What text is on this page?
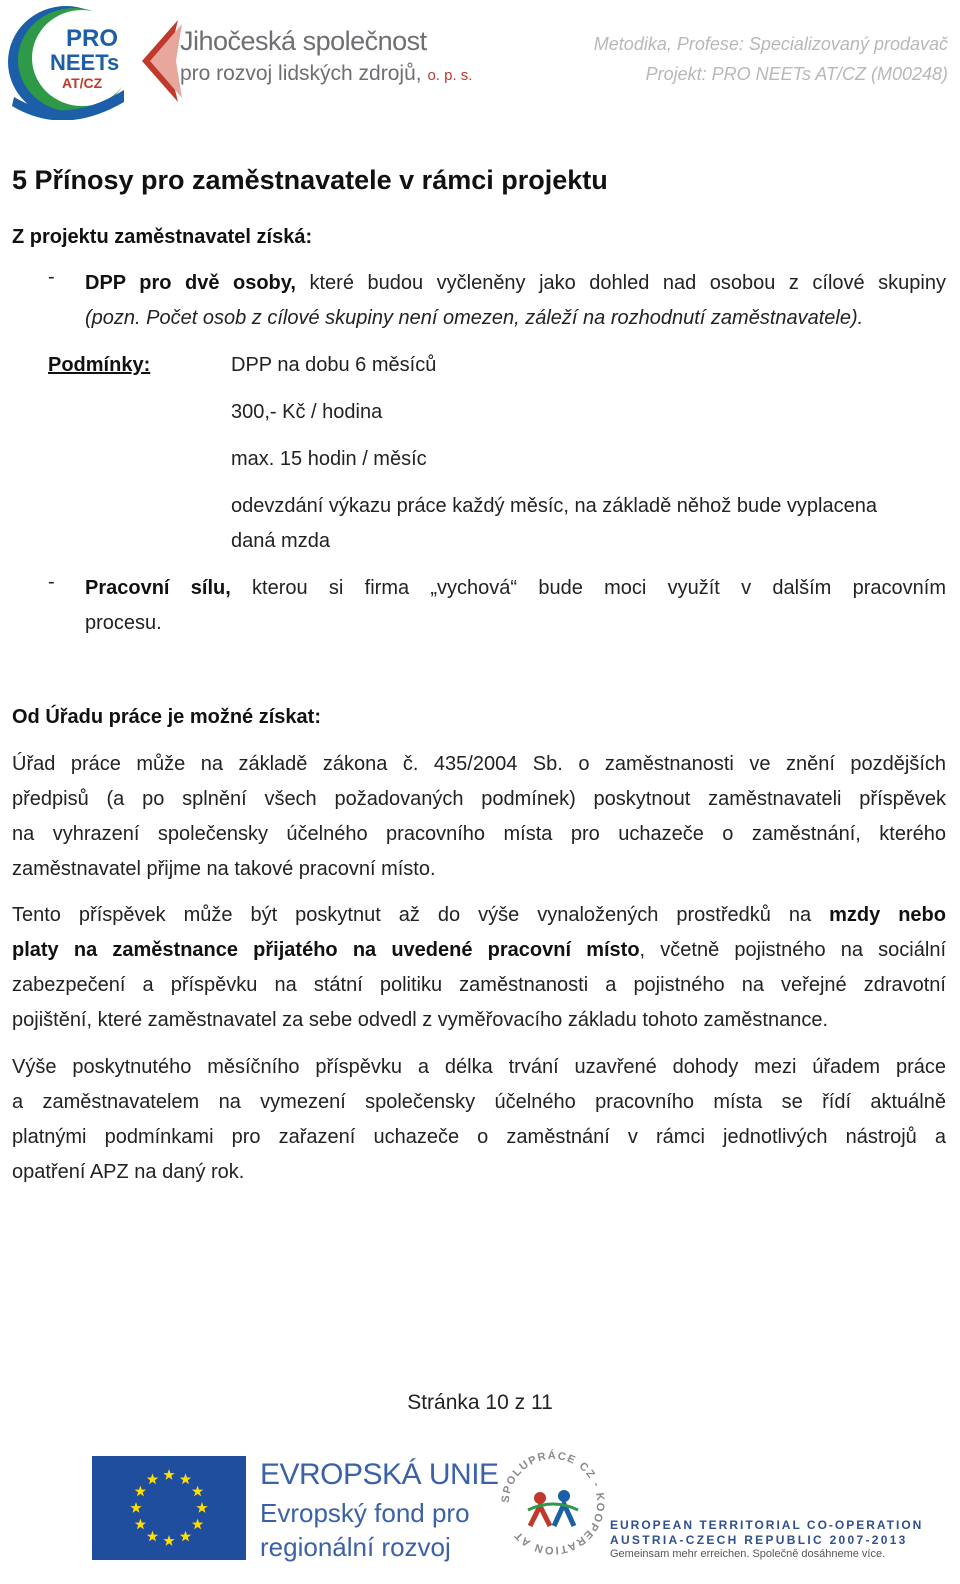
PRO
NEETs
AT/CZ
Jihočeská společnost
pro rozvoj lidských zdrojů, o. p. s.
Metodika, Profese: Specializovaný prodavač
Projekt: PRO NEETs AT/CZ (M00248)
5 Přínosy pro zaměstnavatele v rámci projektu
Z projektu zaměstnavatel získá:
- DPP pro dvě osoby, které budou vyčleněny jako dohled nad osobou z cílové skupiny
(pozn. Počet osob z cílové skupiny není omezen, záleží na rozhodnutí zaměstnavatele).
Podmínky:	DPP na dobu 6 měsíců
300,- Kč / hodina
max. 15 hodin / měsíc
odevzdání výkazu práce každý měsíc, na základě něhož bude vyplacena
daná mzda
- Pracovní sílu, kterou si firma „vychová“ bude moci využít v dalším pracovním
procesu.
Od Úřadu práce je možné získat:
Úřad práce může na základě zákona č. 435/2004 Sb. o zaměstnanosti ve znění pozdějších
předpisů (a po splnění všech požadovaných podmínek) poskytnout zaměstnavateli příspěvek
na vyhrazení společensky účelného pracovního místa pro uchazeče o zaměstnání, kterého
zaměstnavatel přijme na takové pracovní místo.
Tento příspěvek může být poskytnut až do výše vynaložených prostředků na mzdy nebo
platy na zaměstnance přijatého na uvedené pracovní místo, včetně pojistného na sociální
zabezpečení a příspěvku na státní politiku zaměstnanosti a pojistného na veřejné zdravotní
pojištění, které zaměstnavatel za sebe odvedl z vyměřovacího základu tohoto zaměstnance.
Výše poskytnutého měsíčního příspěvku a délka trvání uzavřené dohody mezi úřadem práce
a zaměstnavatelem na vymezení společensky účelného pracovního místa se řídí aktuálně
platnými podmínkami pro zařazení uchazeče o zaměstnání v rámci jednotlivých nástrojů a
opatření APZ na daný rok.
Stránka 10 z 11
EVROPSKÁ UNIE
Evropský fond pro
regionální rozvoj
SPOLUPRÁCE CZ - KOOPERATION AT
EUROPEAN TERRITORIAL CO-OPERATION
AUSTRIA-CZECH REPUBLIC 2007-2013
Gemeinsam mehr erreichen. Společně dosáhneme více.
